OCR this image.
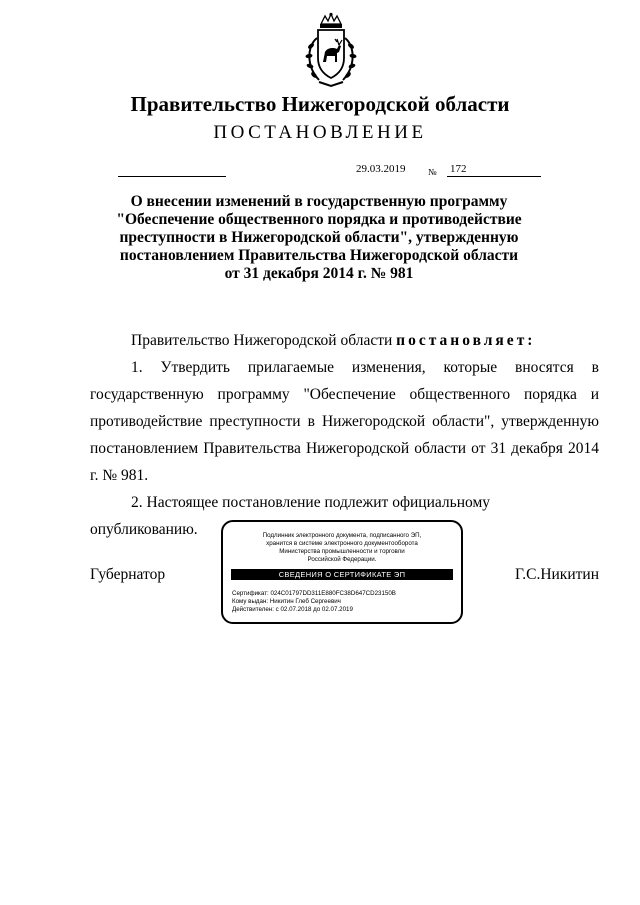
Правительство Нижегородской области
ПОСТАНОВЛЕНИЕ
29.03.2019	№ 172
О внесении изменений в государственную программу
"Обеспечение общественного порядка и противодействие
преступности в Нижегородской области", утвержденную
постановлением Правительства Нижегородской области
от 31 декабря 2014 г. № 981

Правительство Нижегородской области постановляет:

1. Утвердить прилагаемые изменения, которые вносятся в государственную программу "Обеспечение общественного порядка и противодействие преступности в Нижегородской области", утвержденную постановлением Правительства Нижегородской области от 31 декабря 2014 г. № 981.

2. Настоящее постановление подлежит официальному опубликованию.

Губернатор
Подлинник электронного документа, подписанного ЭП,
хранится в системе электронного документооборота
Министерства промышленности и торговли
Российской Федерации.
СВЕДЕНИЯ О СЕРТИФИКАТЕ ЭП
Сертификат: 024C01797DD311E880FC38D647CD23150B
Кому выдан: Никитин Глеб Сергеевич
Действителен: с 02.07.2018 до 02.07.2019
Г.С.Никитин
